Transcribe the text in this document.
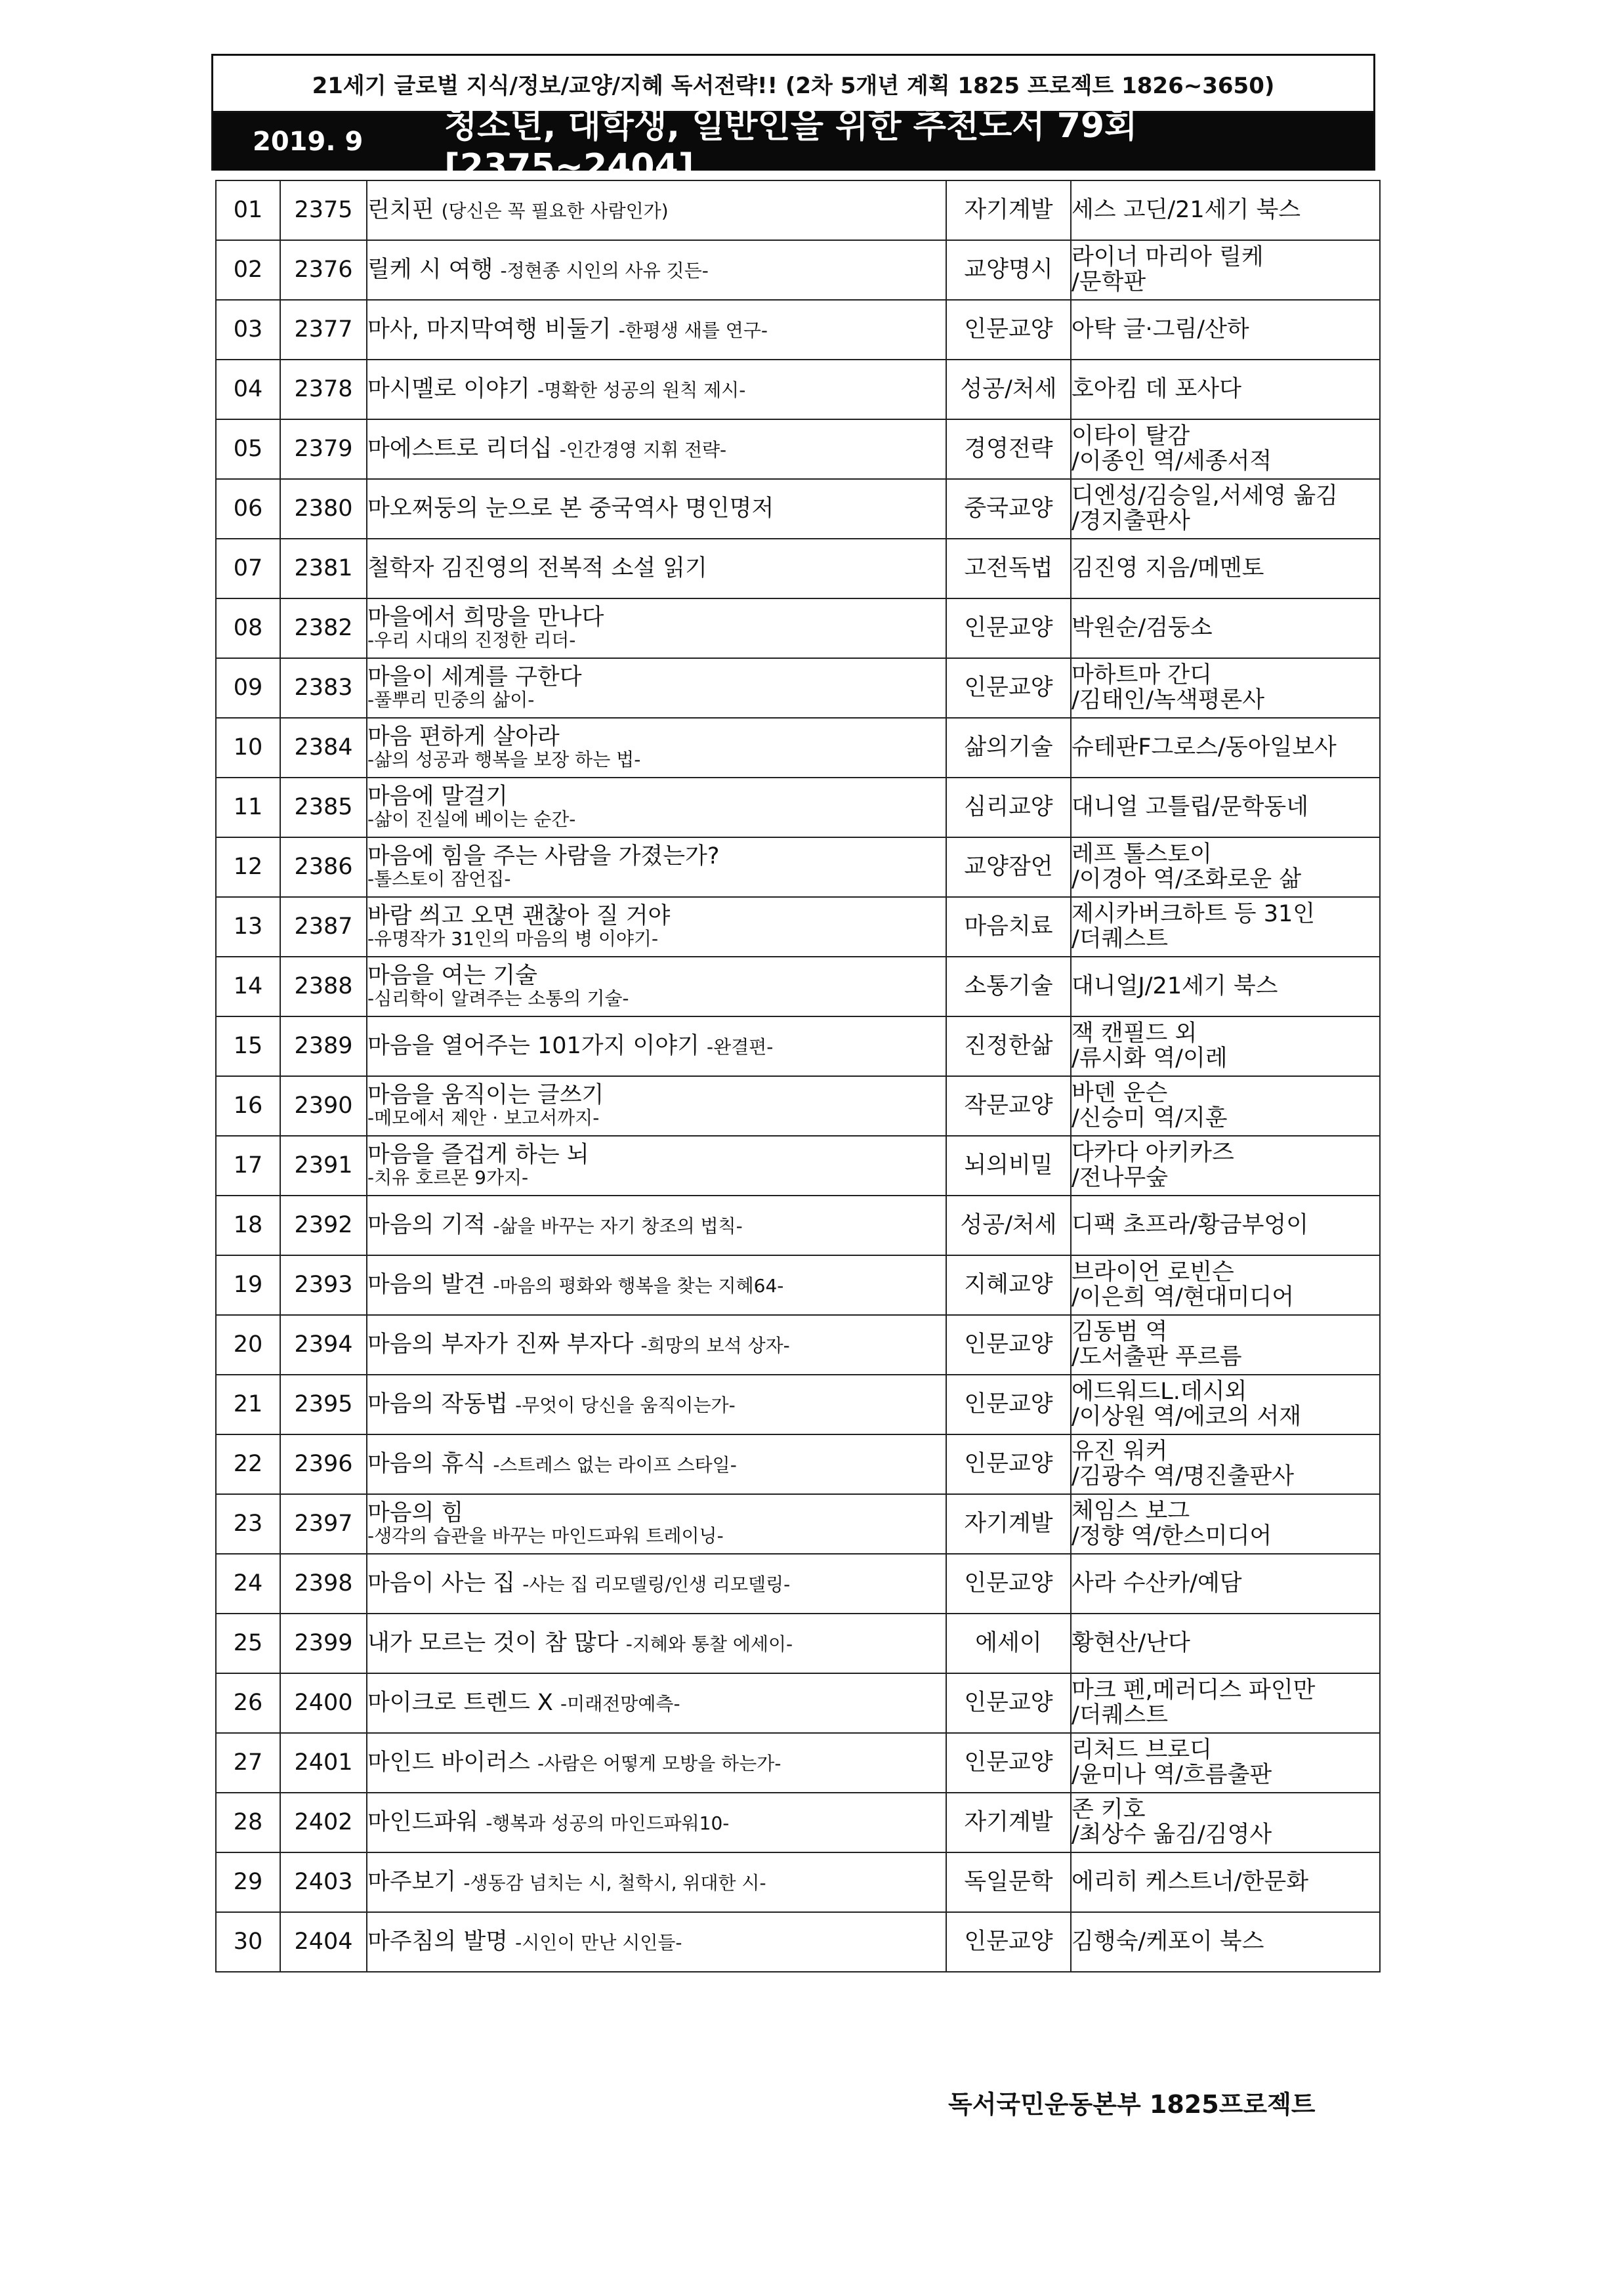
21세기 글로벌 지식/정보/교양/지혜 독서전략!! (2차 5개년 계획 1825 프로젝트 1826~3650)
2019. 9	청소년, 대학생, 일반인을 위한 추천도서 79회 [2375~2404]
01	2375	린치핀 (당신은 꼭 필요한 사람인가)	자기계발	세스 고딘/21세기 북스
02	2376	릴케 시 여행 -정현종 시인의 사유 깃든-	교양명시	라이너 마리아 릴케
/문학판
03	2377	마사, 마지막여행 비둘기 -한평생 새를 연구-	인문교양	아탁 글·그림/산하
04	2378	마시멜로 이야기 -명확한 성공의 원칙 제시-	성공/처세	호아킴 데 포사다
05	2379	마에스트로 리더십 -인간경영 지휘 전략-	경영전략	이타이 탈감
/이종인 역/세종서적
06	2380	마오쩌둥의 눈으로 본 중국역사 명인명저	중국교양	디엔성/김승일,서세영 옮김
/경지출판사
07	2381	철학자 김진영의 전복적 소설 읽기	고전독법	김진영 지음/메멘토
08	2382	마을에서 희망을 만나다
-우리 시대의 진정한 리더-	인문교양	박원순/검둥소
09	2383	마을이 세계를 구한다
-풀뿌리 민중의 삶이-	인문교양	마하트마 간디
/김태인/녹색평론사
10	2384	마음 편하게 살아라
-삶의 성공과 행복을 보장 하는 법-	삶의기술	슈테판F그로스/동아일보사
11	2385	마음에 말걸기
-삶이 진실에 베이는 순간-	심리교양	대니얼 고틀립/문학동네
12	2386	마음에 힘을 주는 사람을 가졌는가?
-톨스토이 잠언집-	교양잠언	레프 톨스토이
/이경아 역/조화로운 삶
13	2387	바람 씌고 오면 괜찮아 질 거야
-유명작가 31인의 마음의 병 이야기-	마음치료	제시카버크하트 등 31인
/더퀘스트
14	2388	마음을 여는 기술
-심리학이 알려주는 소통의 기술-	소통기술	대니얼J/21세기 북스
15	2389	마음을 열어주는 101가지 이야기 -완결편-	진정한삶	잭 캔필드 외
/류시화 역/이레
16	2390	마음을 움직이는 글쓰기
-메모에서 제안 · 보고서까지-	작문교양	바덴 운슨
/신승미 역/지훈
17	2391	마음을 즐겁게 하는 뇌
-치유 호르몬 9가지-	뇌의비밀	다카다 아키카즈
/전나무숲
18	2392	마음의 기적 -삶을 바꾸는 자기 창조의 법칙-	성공/처세	디팩 초프라/황금부엉이
19	2393	마음의 발견 -마음의 평화와 행복을 찾는 지혜64-	지혜교양	브라이언 로빈슨
/이은희 역/현대미디어
20	2394	마음의 부자가 진짜 부자다 -희망의 보석 상자-	인문교양	김동범 역
/도서출판 푸르름
21	2395	마음의 작동법 -무엇이 당신을 움직이는가-	인문교양	에드워드L.데시외
/이상원 역/에코의 서재
22	2396	마음의 휴식 -스트레스 없는 라이프 스타일-	인문교양	유진 워커
/김광수 역/명진출판사
23	2397	마음의 힘
-생각의 습관을 바꾸는 마인드파워 트레이닝-	자기계발	체임스 보그
/정향 역/한스미디어
24	2398	마음이 사는 집 -사는 집 리모델링/인생 리모델링-	인문교양	사라 수산카/예담
25	2399	내가 모르는 것이 참 많다 -지혜와 통찰 에세이-	에세이	황현산/난다
26	2400	마이크로 트렌드 X -미래전망예측-	인문교양	마크 펜,메러디스 파인만
/더퀘스트
27	2401	마인드 바이러스 -사람은 어떻게 모방을 하는가-	인문교양	리처드 브로디
/윤미나 역/흐름출판
28	2402	마인드파워 -행복과 성공의 마인드파워10-	자기계발	존 키호
/최상수 옮김/김영사
29	2403	마주보기 -생동감 넘치는 시, 철학시, 위대한 시-	독일문학	에리히 케스트너/한문화
30	2404	마주침의 발명 -시인이 만난 시인들-	인문교양	김행숙/케포이 북스
독서국민운동본부 1825프로젝트
